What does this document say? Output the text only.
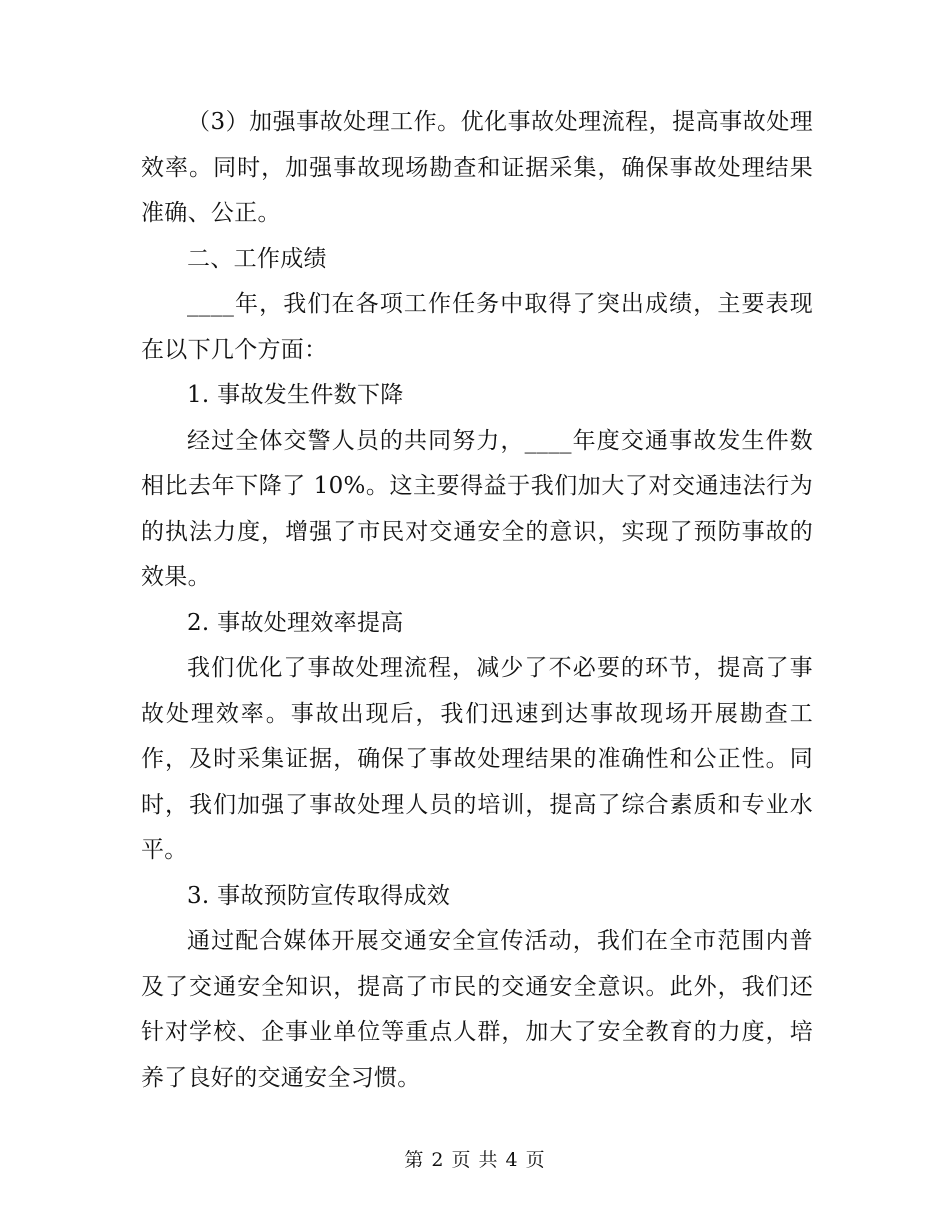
（3）加强事故处理工作。优化事故处理流程，提高事故处理效率。同时，加强事故现场勘查和证据采集，确保事故处理结果准确、公正。

二、工作成绩

____年，我们在各项工作任务中取得了突出成绩，主要表现在以下几个方面：

1. 事故发生件数下降

经过全体交警人员的共同努力，____年度交通事故发生件数相比去年下降了 10%。这主要得益于我们加大了对交通违法行为的执法力度，增强了市民对交通安全的意识，实现了预防事故的效果。

2. 事故处理效率提高

我们优化了事故处理流程，减少了不必要的环节，提高了事故处理效率。事故出现后，我们迅速到达事故现场开展勘查工作，及时采集证据，确保了事故处理结果的准确性和公正性。同时，我们加强了事故处理人员的培训，提高了综合素质和专业水平。

3. 事故预防宣传取得成效

通过配合媒体开展交通安全宣传活动，我们在全市范围内普及了交通安全知识，提高了市民的交通安全意识。此外，我们还针对学校、企事业单位等重点人群，加大了安全教育的力度，培养了良好的交通安全习惯。

第 2 页 共 4 页
